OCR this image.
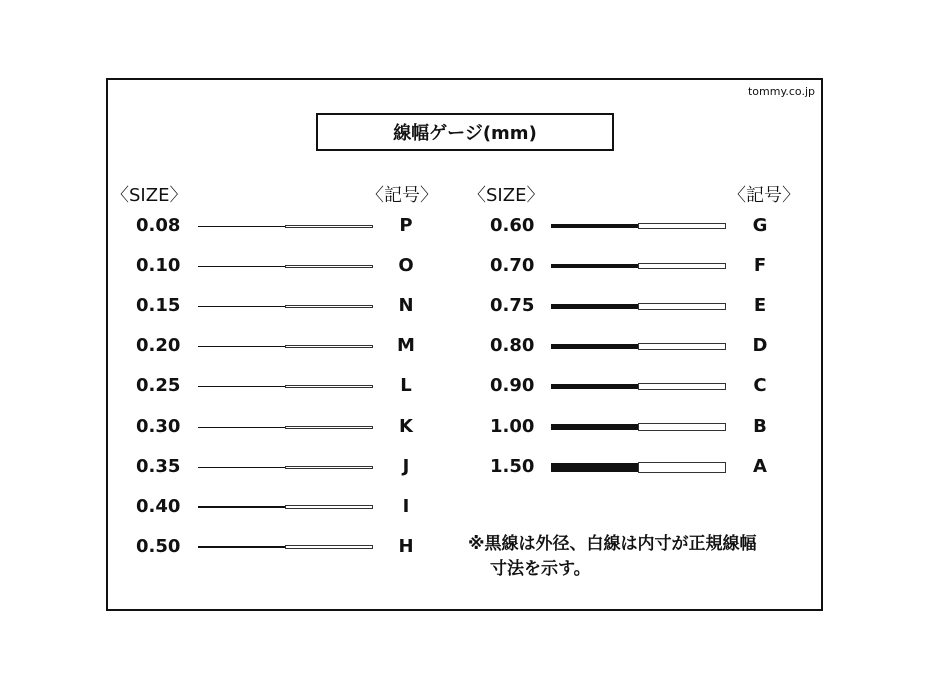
tommy.co.jp
線幅ゲージ(mm)
〈SIZE〉	〈記号〉 〈SIZE〉	〈記号〉
0.08	P
0.10	O
0.15	N
0.20	M
0.25	L
0.30	K
0.35	J
0.40	I
0.50	H
0.60	G
0.70	F
0.75	E
0.80	D
0.90	C
1.00	B
1.50	A
※黒線は外径、白線は内寸が正規線幅
寸法を示す。
